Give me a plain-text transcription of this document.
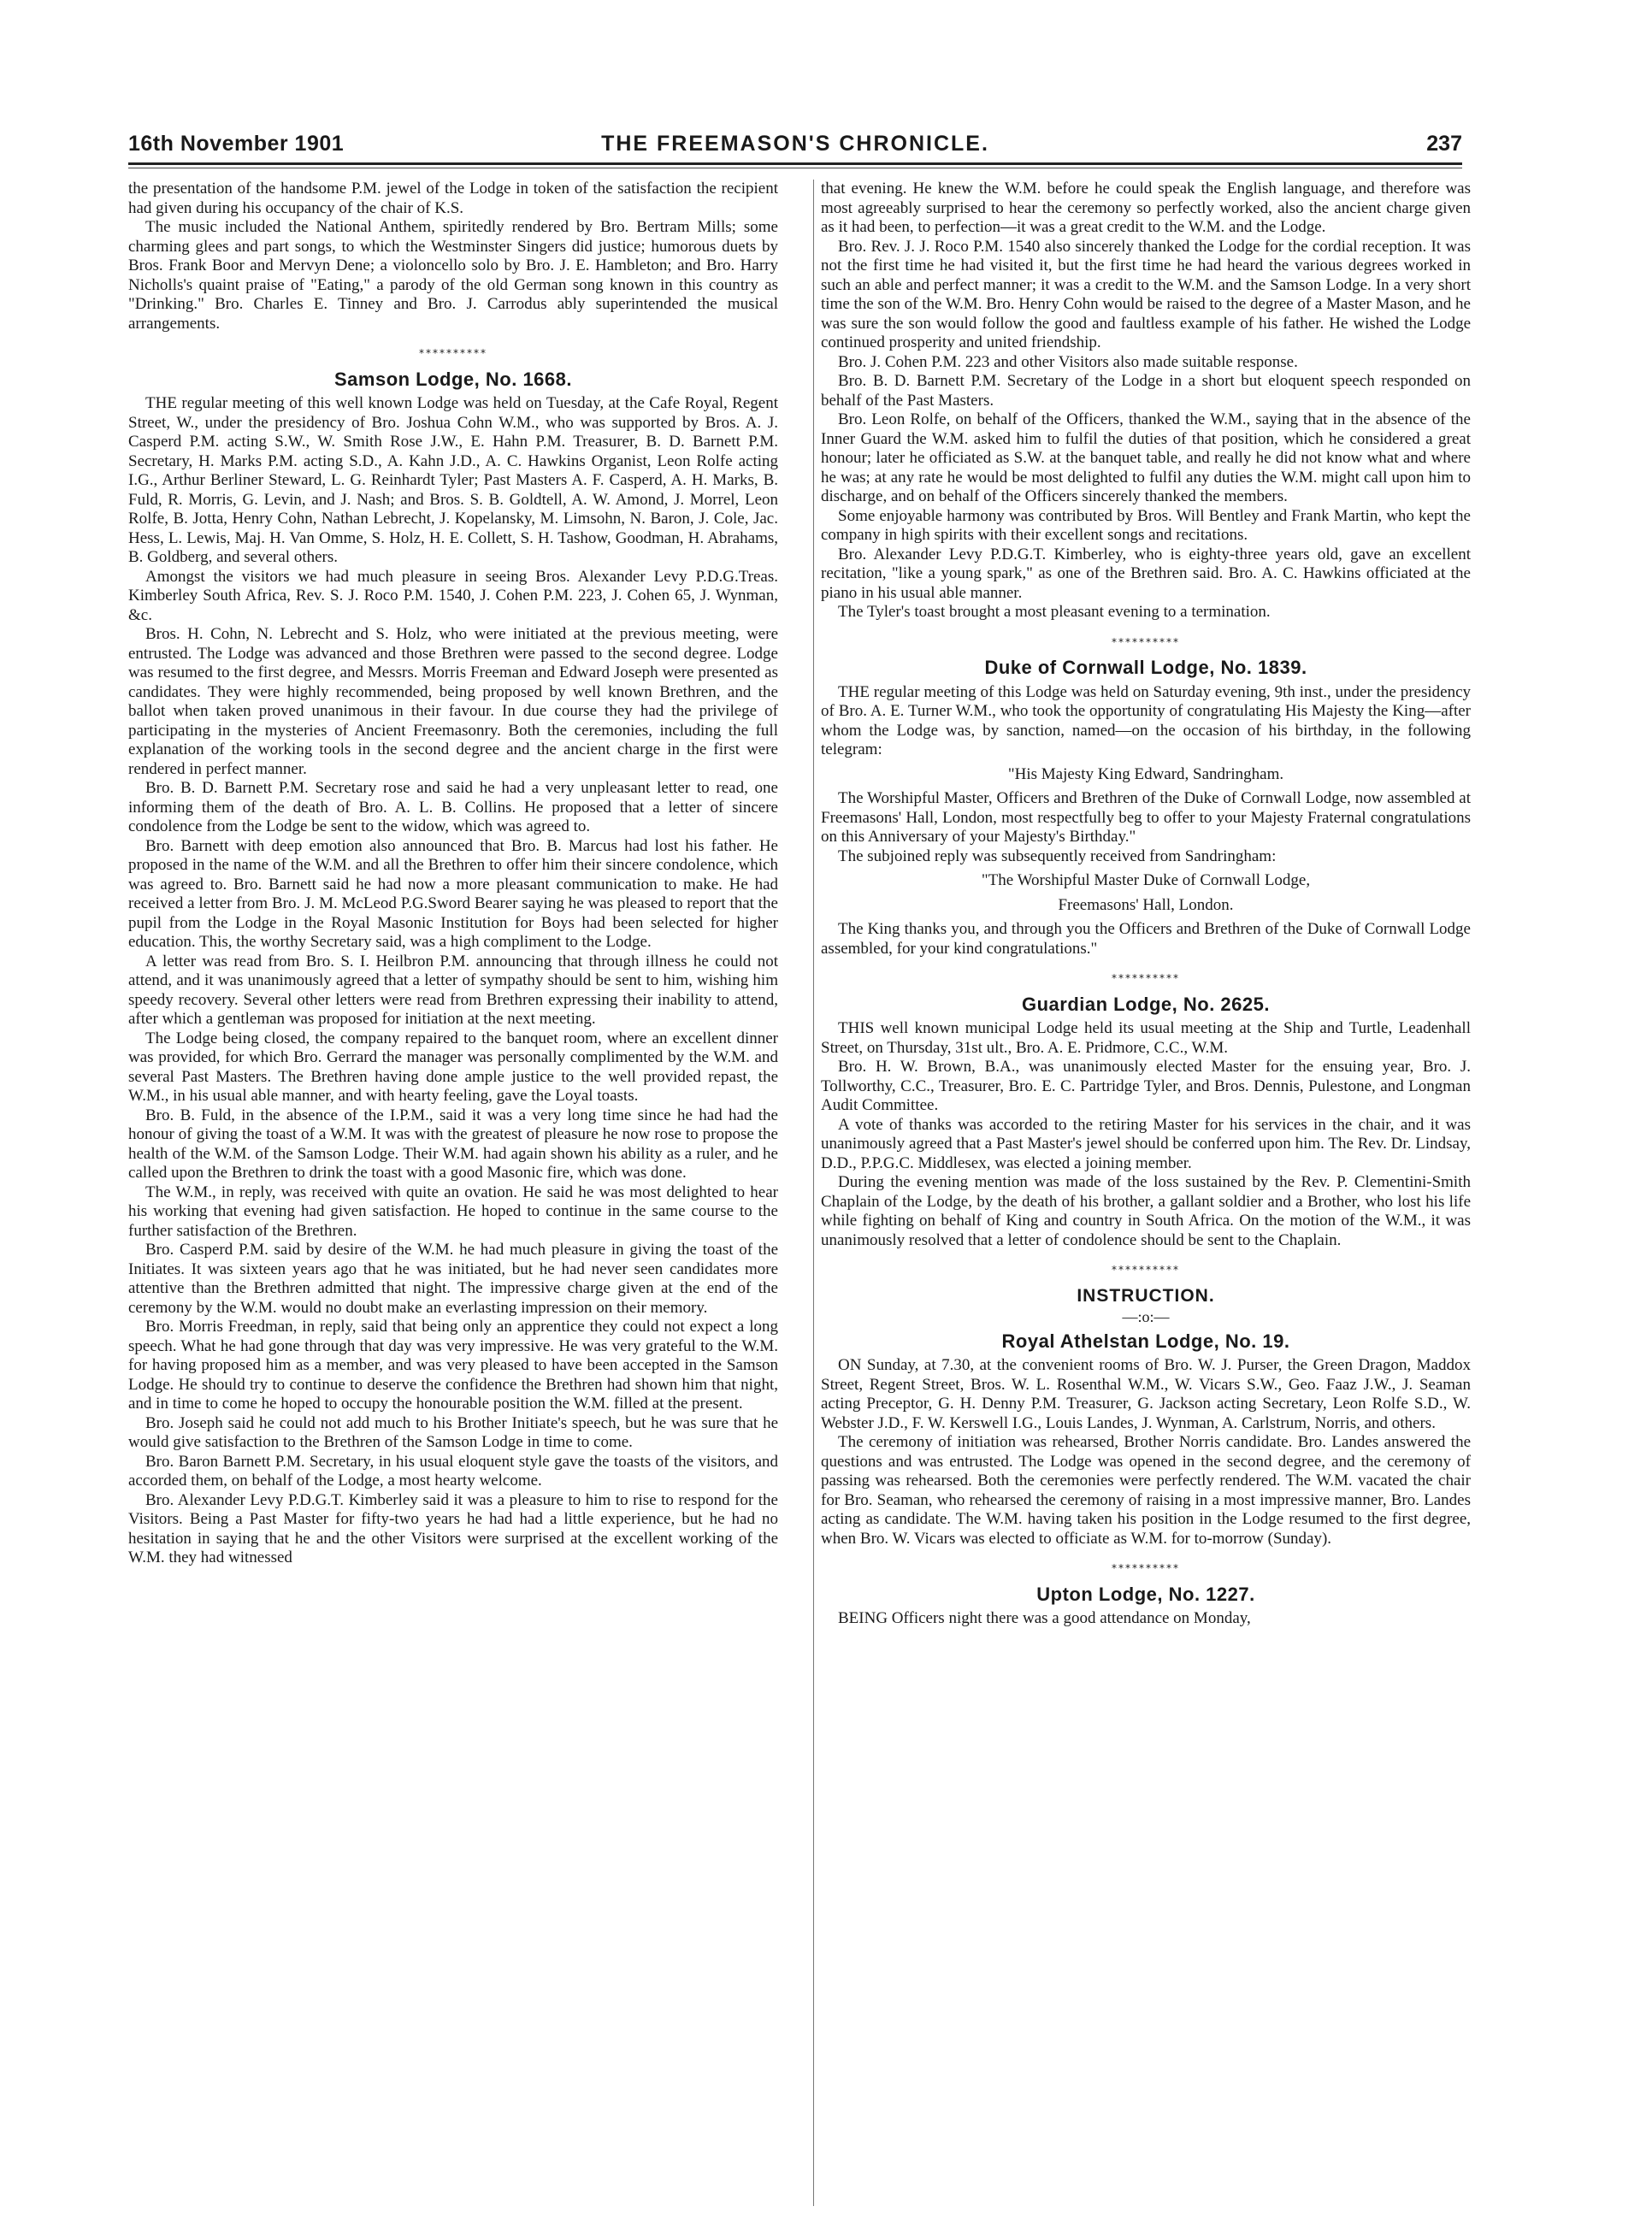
16th November 1901	THE FREEMASON'S CHRONICLE.	237

the presentation of the handsome P.M. jewel of the Lodge in token of the satisfaction the recipient had given during his occupancy of the chair of K.S.

The music included the National Anthem, spiritedly rendered by Bro. Bertram Mills; some charming glees and part songs, to which the Westminster Singers did justice; humorous duets by Bros. Frank Boor and Mervyn Dene; a violoncello solo by Bro. J. E. Hambleton; and Bro. Harry Nicholls's quaint praise of "Eating," a parody of the old German song known in this country as "Drinking." Bro. Charles E. Tinney and Bro. J. Carrodus ably superintended the musical arrangements.

**********
Samson Lodge, No. 1668.

THE regular meeting of this well known Lodge was held on Tuesday, at the Cafe Royal, Regent Street, W., under the presidency of Bro. Joshua Cohn W.M., who was supported by Bros. A. J. Casperd P.M. acting S.W., W. Smith Rose J.W., E. Hahn P.M. Treasurer, B. D. Barnett P.M. Secretary, H. Marks P.M. acting S.D., A. Kahn J.D., A. C. Hawkins Organist, Leon Rolfe acting I.G., Arthur Berliner Steward, L. G. Reinhardt Tyler; Past Masters A. F. Casperd, A. H. Marks, B. Fuld, R. Morris, G. Levin, and J. Nash; and Bros. S. B. Goldtell, A. W. Amond, J. Morrel, Leon Rolfe, B. Jotta, Henry Cohn, Nathan Lebrecht, J. Kopelansky, M. Limsohn, N. Baron, J. Cole, Jac. Hess, L. Lewis, Maj. H. Van Omme, S. Holz, H. E. Collett, S. H. Tashow, Goodman, H. Abrahams, B. Goldberg, and several others.

Amongst the visitors we had much pleasure in seeing Bros. Alexander Levy P.D.G.Treas. Kimberley South Africa, Rev. S. J. Roco P.M. 1540, J. Cohen P.M. 223, J. Cohen 65, J. Wynman, &c.

Bros. H. Cohn, N. Lebrecht and S. Holz, who were initiated at the previous meeting, were entrusted. The Lodge was advanced and those Brethren were passed to the second degree. Lodge was resumed to the first degree, and Messrs. Morris Freeman and Edward Joseph were presented as candidates. They were highly recommended, being proposed by well known Brethren, and the ballot when taken proved unanimous in their favour. In due course they had the privilege of participating in the mysteries of Ancient Freemasonry. Both the ceremonies, including the full explanation of the working tools in the second degree and the ancient charge in the first were rendered in perfect manner.

Bro. B. D. Barnett P.M. Secretary rose and said he had a very unpleasant letter to read, one informing them of the death of Bro. A. L. B. Collins. He proposed that a letter of sincere condolence from the Lodge be sent to the widow, which was agreed to.

Bro. Barnett with deep emotion also announced that Bro. B. Marcus had lost his father. He proposed in the name of the W.M. and all the Brethren to offer him their sincere condolence, which was agreed to. Bro. Barnett said he had now a more pleasant communication to make. He had received a letter from Bro. J. M. McLeod P.G.Sword Bearer saying he was pleased to report that the pupil from the Lodge in the Royal Masonic Institution for Boys had been selected for higher education. This, the worthy Secretary said, was a high compliment to the Lodge.

A letter was read from Bro. S. I. Heilbron P.M. announcing that through illness he could not attend, and it was unanimously agreed that a letter of sympathy should be sent to him, wishing him speedy recovery. Several other letters were read from Brethren expressing their inability to attend, after which a gentleman was proposed for initiation at the next meeting.

The Lodge being closed, the company repaired to the banquet room, where an excellent dinner was provided, for which Bro. Gerrard the manager was personally complimented by the W.M. and several Past Masters. The Brethren having done ample justice to the well provided repast, the W.M., in his usual able manner, and with hearty feeling, gave the Loyal toasts.

Bro. B. Fuld, in the absence of the I.P.M., said it was a very long time since he had had the honour of giving the toast of a W.M. It was with the greatest of pleasure he now rose to propose the health of the W.M. of the Samson Lodge. Their W.M. had again shown his ability as a ruler, and he called upon the Brethren to drink the toast with a good Masonic fire, which was done.

The W.M., in reply, was received with quite an ovation. He said he was most delighted to hear his working that evening had given satisfaction. He hoped to continue in the same course to the further satisfaction of the Brethren.

Bro. Casperd P.M. said by desire of the W.M. he had much pleasure in giving the toast of the Initiates. It was sixteen years ago that he was initiated, but he had never seen candidates more attentive than the Brethren admitted that night. The impressive charge given at the end of the ceremony by the W.M. would no doubt make an everlasting impression on their memory.

Bro. Morris Freedman, in reply, said that being only an apprentice they could not expect a long speech. What he had gone through that day was very impressive. He was very grateful to the W.M. for having proposed him as a member, and was very pleased to have been accepted in the Samson Lodge. He should try to continue to deserve the confidence the Brethren had shown him that night, and in time to come he hoped to occupy the honourable position the W.M. filled at the present.

Bro. Joseph said he could not add much to his Brother Initiate's speech, but he was sure that he would give satisfaction to the Brethren of the Samson Lodge in time to come.

Bro. Baron Barnett P.M. Secretary, in his usual eloquent style gave the toasts of the visitors, and accorded them, on behalf of the Lodge, a most hearty welcome.

Bro. Alexander Levy P.D.G.T. Kimberley said it was a pleasure to him to rise to respond for the Visitors. Being a Past Master for fifty-two years he had had a little experience, but he had no hesitation in saying that he and the other Visitors were surprised at the excellent working of the W.M. they had witnessed

that evening. He knew the W.M. before he could speak the English language, and therefore was most agreeably surprised to hear the ceremony so perfectly worked, also the ancient charge given as it had been, to perfection—it was a great credit to the W.M. and the Lodge.

Bro. Rev. J. J. Roco P.M. 1540 also sincerely thanked the Lodge for the cordial reception. It was not the first time he had visited it, but the first time he had heard the various degrees worked in such an able and perfect manner; it was a credit to the W.M. and the Samson Lodge. In a very short time the son of the W.M. Bro. Henry Cohn would be raised to the degree of a Master Mason, and he was sure the son would follow the good and faultless example of his father. He wished the Lodge continued prosperity and united friendship.

Bro. J. Cohen P.M. 223 and other Visitors also made suitable response.

Bro. B. D. Barnett P.M. Secretary of the Lodge in a short but eloquent speech responded on behalf of the Past Masters.

Bro. Leon Rolfe, on behalf of the Officers, thanked the W.M., saying that in the absence of the Inner Guard the W.M. asked him to fulfil the duties of that position, which he considered a great honour; later he officiated as S.W. at the banquet table, and really he did not know what and where he was; at any rate he would be most delighted to fulfil any duties the W.M. might call upon him to discharge, and on behalf of the Officers sincerely thanked the members.

Some enjoyable harmony was contributed by Bros. Will Bentley and Frank Martin, who kept the company in high spirits with their excellent songs and recitations.

Bro. Alexander Levy P.D.G.T. Kimberley, who is eighty-three years old, gave an excellent recitation, "like a young spark," as one of the Brethren said. Bro. A. C. Hawkins officiated at the piano in his usual able manner.

The Tyler's toast brought a most pleasant evening to a termination.

**********
Duke of Cornwall Lodge, No. 1839.

THE regular meeting of this Lodge was held on Saturday evening, 9th inst., under the presidency of Bro. A. E. Turner W.M., who took the opportunity of congratulating His Majesty the King—after whom the Lodge was, by sanction, named—on the occasion of his birthday, in the following telegram:

"His Majesty King Edward, Sandringham.

The Worshipful Master, Officers and Brethren of the Duke of Cornwall Lodge, now assembled at Freemasons' Hall, London, most respectfully beg to offer to your Majesty Fraternal congratulations on this Anniversary of your Majesty's Birthday."

The subjoined reply was subsequently received from Sandringham:

"The Worshipful Master Duke of Cornwall Lodge,

Freemasons' Hall, London.

The King thanks you, and through you the Officers and Brethren of the Duke of Cornwall Lodge assembled, for your kind congratulations."

**********
Guardian Lodge, No. 2625.

THIS well known municipal Lodge held its usual meeting at the Ship and Turtle, Leadenhall Street, on Thursday, 31st ult., Bro. A. E. Pridmore, C.C., W.M.

Bro. H. W. Brown, B.A., was unanimously elected Master for the ensuing year, Bro. J. Tollworthy, C.C., Treasurer, Bro. E. C. Partridge Tyler, and Bros. Dennis, Pulestone, and Longman Audit Committee.

A vote of thanks was accorded to the retiring Master for his services in the chair, and it was unanimously agreed that a Past Master's jewel should be conferred upon him. The Rev. Dr. Lindsay, D.D., P.P.G.C. Middlesex, was elected a joining member.

During the evening mention was made of the loss sustained by the Rev. P. Clementini-Smith Chaplain of the Lodge, by the death of his brother, a gallant soldier and a Brother, who lost his life while fighting on behalf of King and country in South Africa. On the motion of the W.M., it was unanimously resolved that a letter of condolence should be sent to the Chaplain.

**********
INSTRUCTION.
—:o:—
Royal Athelstan Lodge, No. 19.

ON Sunday, at 7.30, at the convenient rooms of Bro. W. J. Purser, the Green Dragon, Maddox Street, Regent Street, Bros. W. L. Rosenthal W.M., W. Vicars S.W., Geo. Faaz J.W., J. Seaman acting Preceptor, G. H. Denny P.M. Treasurer, G. Jackson acting Secretary, Leon Rolfe S.D., W. Webster J.D., F. W. Kerswell I.G., Louis Landes, J. Wynman, A. Carlstrum, Norris, and others.

The ceremony of initiation was rehearsed, Brother Norris candidate. Bro. Landes answered the questions and was entrusted. The Lodge was opened in the second degree, and the ceremony of passing was rehearsed. Both the ceremonies were perfectly rendered. The W.M. vacated the chair for Bro. Seaman, who rehearsed the ceremony of raising in a most impressive manner, Bro. Landes acting as candidate. The W.M. having taken his position in the Lodge resumed to the first degree, when Bro. W. Vicars was elected to officiate as W.M. for to-morrow (Sunday).

**********
Upton Lodge, No. 1227.

BEING Officers night there was a good attendance on Monday,
